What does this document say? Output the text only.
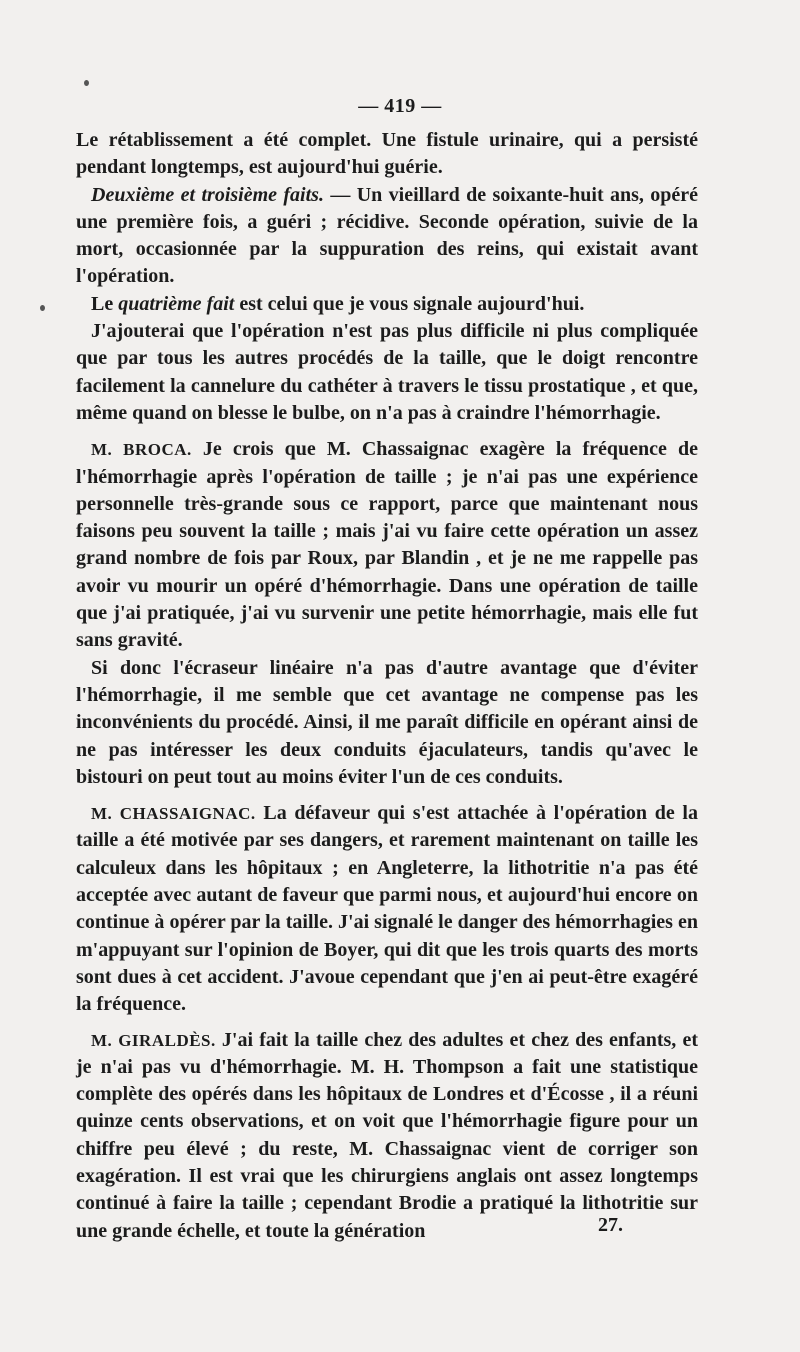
— 419 —

Le rétablissement a été complet. Une fistule urinaire, qui a persisté pendant longtemps, est aujourd'hui guérie.

Deuxième et troisième faits. — Un vieillard de soixante-huit ans, opéré une première fois, a guéri ; récidive. Seconde opération, suivie de la mort, occasionnée par la suppuration des reins, qui existait avant l'opération.

Le quatrième fait est celui que je vous signale aujourd'hui.

J'ajouterai que l'opération n'est pas plus difficile ni plus compliquée que par tous les autres procédés de la taille, que le doigt rencontre facilement la cannelure du cathéter à travers le tissu prostatique , et que, même quand on blesse le bulbe, on n'a pas à craindre l'hémorrhagie.

M. BROCA. Je crois que M. Chassaignac exagère la fréquence de l'hémorrhagie après l'opération de taille ; je n'ai pas une expérience personnelle très-grande sous ce rapport, parce que maintenant nous faisons peu souvent la taille ; mais j'ai vu faire cette opération un assez grand nombre de fois par Roux, par Blandin , et je ne me rappelle pas avoir vu mourir un opéré d'hémorrhagie. Dans une opération de taille que j'ai pratiquée, j'ai vu survenir une petite hémorrhagie, mais elle fut sans gravité.

Si donc l'écraseur linéaire n'a pas d'autre avantage que d'éviter l'hémorrhagie, il me semble que cet avantage ne compense pas les inconvénients du procédé. Ainsi, il me paraît difficile en opérant ainsi de ne pas intéresser les deux conduits éjaculateurs, tandis qu'avec le bistouri on peut tout au moins éviter l'un de ces conduits.

M. CHASSAIGNAC. La défaveur qui s'est attachée à l'opération de la taille a été motivée par ses dangers, et rarement maintenant on taille les calculeux dans les hôpitaux ; en Angleterre, la lithotritie n'a pas été acceptée avec autant de faveur que parmi nous, et aujourd'hui encore on continue à opérer par la taille. J'ai signalé le danger des hémorrhagies en m'appuyant sur l'opinion de Boyer, qui dit que les trois quarts des morts sont dues à cet accident. J'avoue cependant que j'en ai peut-être exagéré la fréquence.

M. GIRALDÈS. J'ai fait la taille chez des adultes et chez des enfants, et je n'ai pas vu d'hémorrhagie. M. H. Thompson a fait une statistique complète des opérés dans les hôpitaux de Londres et d'Écosse , il a réuni quinze cents observations, et on voit que l'hémorrhagie figure pour un chiffre peu élevé ; du reste, M. Chassaignac vient de corriger son exagération. Il est vrai que les chirurgiens anglais ont assez longtemps continué à faire la taille ; cependant Brodie a pratiqué la lithotritie sur une grande échelle, et toute la génération	27.
